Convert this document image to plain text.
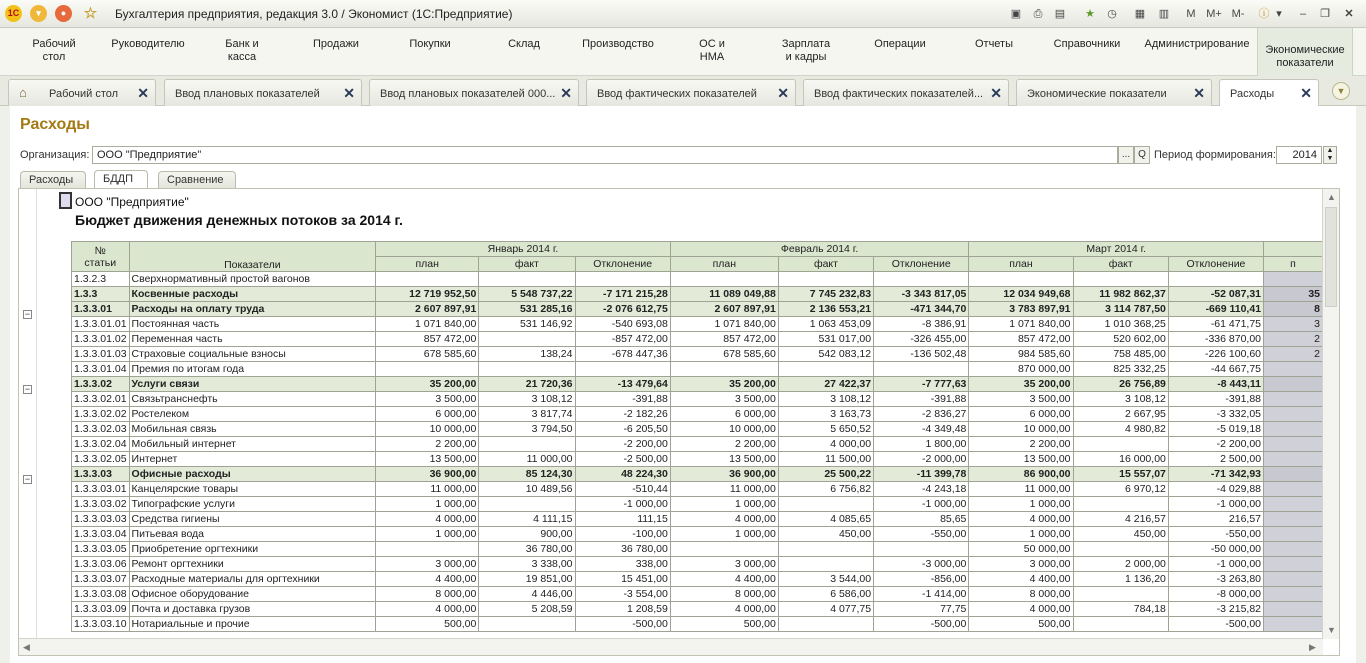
1С	▾	●	☆ Бухгалтерия предприятия, редакция 3.0 / Экономист (1С:Предприятие)	▣	⎙	▤ ★ ◷ ▦ ▥ M M+ M-	ⓘ ▾	–	❐ ✕
Рабочий
стол
Руководителю	Банк и
касса
Продажи	Покупки	Склад	Производство	ОС и
НМА
Зарплата
и кадры
Операции	Отчеты	Справочники	Администрирование	Экономические
показатели
⌂ Рабочий стол ✕	Ввод плановых показателей ✕	Ввод плановых показателей 000... ✕	Ввод фактических показателей ✕	Ввод фактических показателей... ✕	Экономические показатели ✕	Расходы ✕	▼
Расходы
Организация: ООО "Предприятие"	... Q Период формирования:	2014	▲
▼
Расходы	БДДП	Сравнение
−
−
−
ООО "Предприятие"
Бюджет движения денежных потоков за 2014 г.
№
статьи	Показатели	Январь 2014 г.			Февраль 2014 г.			Март 2014 г.			
		план	факт	Отклонение	план	факт	Отклонение	план	факт	Отклонение	п
1.3.2.3	Сверхнормативный простой вагонов										
1.3.3	Косвенные расходы	12 719 952,50	5 548 737,22	-7 171 215,28	11 089 049,88	7 745 232,83	-3 343 817,05	12 034 949,68	11 982 862,37	-52 087,31	35
1.3.3.01	Расходы на оплату труда	2 607 897,91	531 285,16	-2 076 612,75	2 607 897,91	2 136 553,21	-471 344,70	3 783 897,91	3 114 787,50	-669 110,41	8
1.3.3.01.01	Постоянная часть	1 071 840,00	531 146,92	-540 693,08	1 071 840,00	1 063 453,09	-8 386,91	1 071 840,00	1 010 368,25	-61 471,75	3
1.3.3.01.02	Переменная часть	857 472,00		-857 472,00	857 472,00	531 017,00	-326 455,00	857 472,00	520 602,00	-336 870,00	2
1.3.3.01.03	Страховые социальные взносы	678 585,60	138,24	-678 447,36	678 585,60	542 083,12	-136 502,48	984 585,60	758 485,00	-226 100,60	2
1.3.3.01.04	Премия по итогам года							870 000,00	825 332,25	-44 667,75	
1.3.3.02	Услуги связи	35 200,00	21 720,36	-13 479,64	35 200,00	27 422,37	-7 777,63	35 200,00	26 756,89	-8 443,11	
1.3.3.02.01	Связьтранснефть	3 500,00	3 108,12	-391,88	3 500,00	3 108,12	-391,88	3 500,00	3 108,12	-391,88	
1.3.3.02.02	Ростелеком	6 000,00	3 817,74	-2 182,26	6 000,00	3 163,73	-2 836,27	6 000,00	2 667,95	-3 332,05	
1.3.3.02.03	Мобильная связь	10 000,00	3 794,50	-6 205,50	10 000,00	5 650,52	-4 349,48	10 000,00	4 980,82	-5 019,18	
1.3.3.02.04	Мобильный интернет	2 200,00		-2 200,00	2 200,00	4 000,00	1 800,00	2 200,00		-2 200,00	
1.3.3.02.05	Интернет	13 500,00	11 000,00	-2 500,00	13 500,00	11 500,00	-2 000,00	13 500,00	16 000,00	2 500,00	
1.3.3.03	Офисные расходы	36 900,00	85 124,30	48 224,30	36 900,00	25 500,22	-11 399,78	86 900,00	15 557,07	-71 342,93	
1.3.3.03.01	Канцелярские товары	11 000,00	10 489,56	-510,44	11 000,00	6 756,82	-4 243,18	11 000,00	6 970,12	-4 029,88	
1.3.3.03.02	Типографские услуги	1 000,00		-1 000,00	1 000,00		-1 000,00	1 000,00		-1 000,00	
1.3.3.03.03	Средства гигиены	4 000,00	4 111,15	111,15	4 000,00	4 085,65	85,65	4 000,00	4 216,57	216,57	
1.3.3.03.04	Питьевая вода	1 000,00	900,00	-100,00	1 000,00	450,00	-550,00	1 000,00	450,00	-550,00	
1.3.3.03.05	Приобретение оргтехники		36 780,00	36 780,00				50 000,00		-50 000,00	
1.3.3.03.06	Ремонт оргтехники	3 000,00	3 338,00	338,00	3 000,00		-3 000,00	3 000,00	2 000,00	-1 000,00	
1.3.3.03.07	Расходные материалы для оргтехники	4 400,00	19 851,00	15 451,00	4 400,00	3 544,00	-856,00	4 400,00	1 136,20	-3 263,80	
1.3.3.03.08	Офисное оборудование	8 000,00	4 446,00	-3 554,00	8 000,00	6 586,00	-1 414,00	8 000,00		-8 000,00	
1.3.3.03.09	Почта и доставка грузов	4 000,00	5 208,59	1 208,59	4 000,00	4 077,75	77,75	4 000,00	784,18	-3 215,82	
1.3.3.03.10	Нотариальные и прочие	500,00		-500,00	500,00		-500,00	500,00		-500,00	
▲
▼
◀	▶
